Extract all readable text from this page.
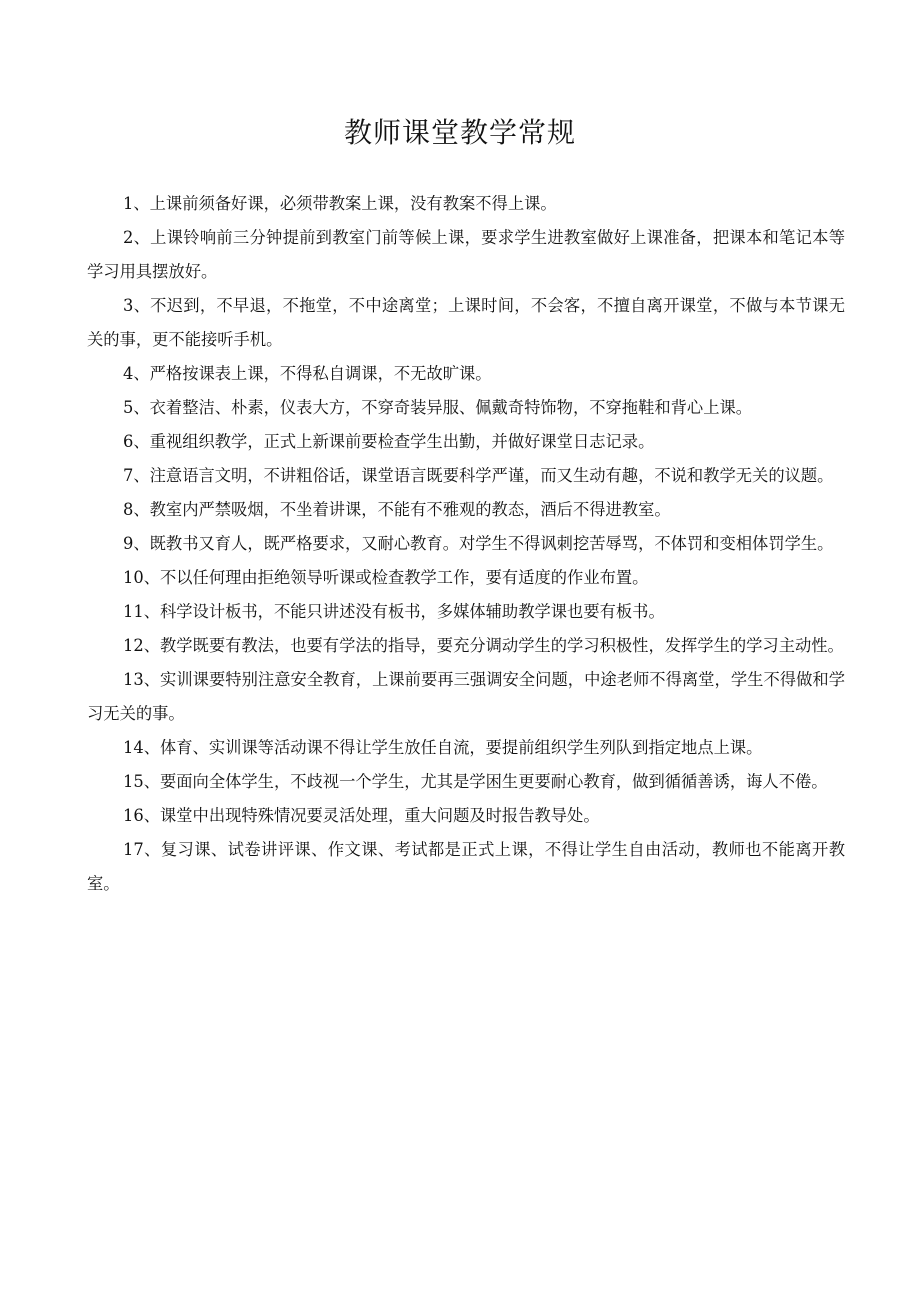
教师课堂教学常规

1、上课前须备好课，必须带教案上课，没有教案不得上课。

2、上课铃响前三分钟提前到教室门前等候上课，要求学生进教室做好上课准备，把课本和笔记本等学习用具摆放好。

3、不迟到，不早退，不拖堂，不中途离堂；上课时间，不会客，不擅自离开课堂，不做与本节课无关的事，更不能接听手机。

4、严格按课表上课，不得私自调课，不无故旷课。

5、衣着整洁、朴素，仪表大方，不穿奇装异服、佩戴奇特饰物，不穿拖鞋和背心上课。

6、重视组织教学，正式上新课前要检查学生出勤，并做好课堂日志记录。

7、注意语言文明，不讲粗俗话，课堂语言既要科学严谨，而又生动有趣，不说和教学无关的议题。

8、教室内严禁吸烟，不坐着讲课，不能有不雅观的教态，酒后不得进教室。

9、既教书又育人，既严格要求，又耐心教育。对学生不得讽刺挖苦辱骂，不体罚和变相体罚学生。

10、不以任何理由拒绝领导听课或检查教学工作，要有适度的作业布置。

11、科学设计板书，不能只讲述没有板书，多媒体辅助教学课也要有板书。

12、教学既要有教法，也要有学法的指导，要充分调动学生的学习积极性，发挥学生的学习主动性。

13、实训课要特别注意安全教育，上课前要再三强调安全问题，中途老师不得离堂，学生不得做和学习无关的事。

14、体育、实训课等活动课不得让学生放任自流，要提前组织学生列队到指定地点上课。

15、要面向全体学生，不歧视一个学生，尤其是学困生更要耐心教育，做到循循善诱，诲人不倦。

16、课堂中出现特殊情况要灵活处理，重大问题及时报告教导处。

17、复习课、试卷讲评课、作文课、考试都是正式上课，不得让学生自由活动，教师也不能离开教室。
